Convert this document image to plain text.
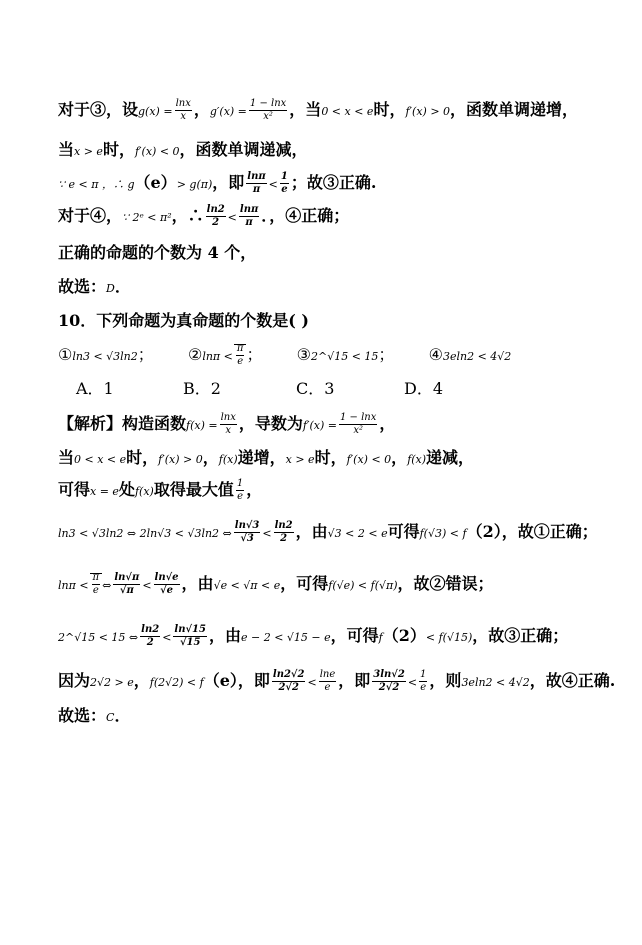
对于③，设$g(x) = \frac{\ln x}{x}$ ，$g'(x) = \frac{1 - \ln x}{\text{x²}}$ ，当0 < x < e时，f′(x) > 0，函数单调递增，
当x > e时，f′(x) < 0，函数单调递减，
∵ e < π ，∴ g（e）> g(π)，即 $\frac{\ln\pi}{\pi} < \frac{1}{e}$ ；故③正确.
对于④，∵ 2ᵉ < π²，∴ $\frac{\ln 2}{2} < \frac{\ln\pi}{\pi}$ ．，④正确；
正确的命题的个数为 4 个，
故选：D．
10．下列命题为真命题的个数是( )
①ln3 < √3ln2； ②lnπ < $\frac{\pi}{e}$ ； ③2^√15 < 15； ④3eln2 < 4√2
A．1	B．2	C．3	D．4
【解析】构造函数$f(x) = \frac{\ln x}{x}$ ，导数为$f'(x) = \frac{1 - \ln x}{\text{x²}}$ ，
当0 < x < e时，f′(x) > 0，f(x)递增，x > e时，f′(x) < 0，f(x)递减，
可得x = e处f(x)取得最大值 $\frac{1}{e}$ ，
ln3 < √3ln2 ⇔ 2ln√3 < √3ln2 ⇔ $\frac{\ln√3}{√3} < \frac{\ln 2}{2}$ ，由√3 < 2 < e可得f(√3) < f（2），故①正确；
$\ln\pi < \frac{\pi}{e}$ ⇔ $\frac{\ln√\pi}{√\pi} < \frac{\ln√e}{√e}$ ，由√e < √π < e，可得f(√e) < f(√π)，故②错误；
2^√15 < 15 ⇔ $\frac{\ln 2}{2} < \frac{\ln√15}{√15}$ ，由e − 2 < √15 − e，可得f（2）< f(√15)，故③正确；
因为2√2 > e，f(2√2) < f（e），即 $\frac{\ln 2√2}{2√2} < \frac{\ln e}{e}$ ，即 $\frac{3\ln√2}{2√2} < \frac{1}{e}$ ，则3eln2 < 4√2，故④正确.
故选：C．
